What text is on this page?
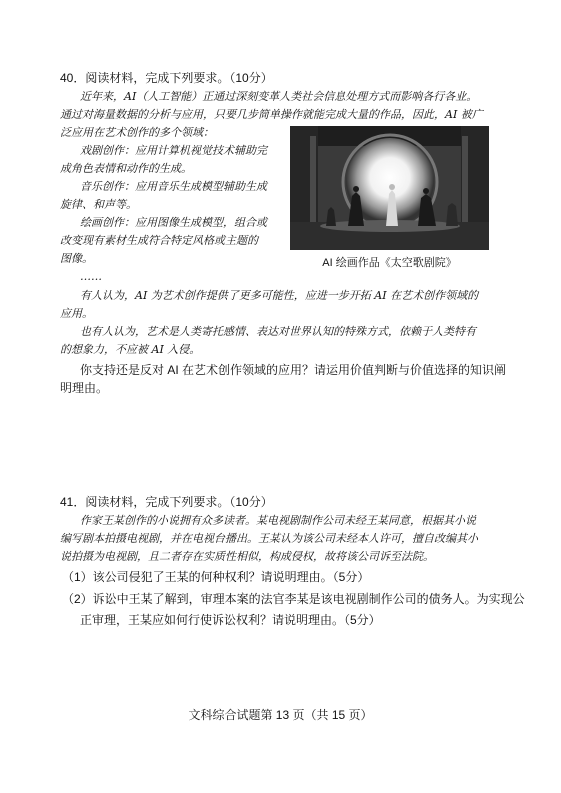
40．阅读材料，完成下列要求。（10分）
近年来，AI（人工智能）正通过深刻变革人类社会信息处理方式而影响各行各业。
通过对海量数据的分析与应用，只要几步简单操作就能完成大量的作品，因此，AI 被广
泛应用在艺术创作的多个领域：
戏剧创作：应用计算机视觉技术辅助完
成角色表情和动作的生成。
音乐创作：应用音乐生成模型辅助生成
旋律、和声等。
绘画创作：应用图像生成模型，组合或
改变现有素材生成符合特定风格或主题的
图像。
……
有人认为，AI 为艺术创作提供了更多可能性，应进一步开拓 AI 在艺术创作领域的
应用。
也有人认为，艺术是人类寄托感情、表达对世界认知的特殊方式，依赖于人类特有
的想象力，不应被 AI 入侵。
你支持还是反对 AI 在艺术创作领域的应用？请运用价值判断与价值选择的知识阐
明理由。
AI 绘画作品《太空歌剧院》
41．阅读材料，完成下列要求。（10分）
作家王某创作的小说拥有众多读者。某电视剧制作公司未经王某同意，根据其小说
编写剧本拍摄电视剧，并在电视台播出。王某认为该公司未经本人许可，擅自改编其小
说拍摄为电视剧，且二者存在实质性相似，构成侵权，故将该公司诉至法院。
（1）该公司侵犯了王某的何种权利？请说明理由。（5分）
（2）诉讼中王某了解到，审理本案的法官李某是该电视剧制作公司的债务人。为实现公
正审理，王某应如何行使诉讼权利？请说明理由。（5分）
文科综合试题第 13 页（共 15 页）
